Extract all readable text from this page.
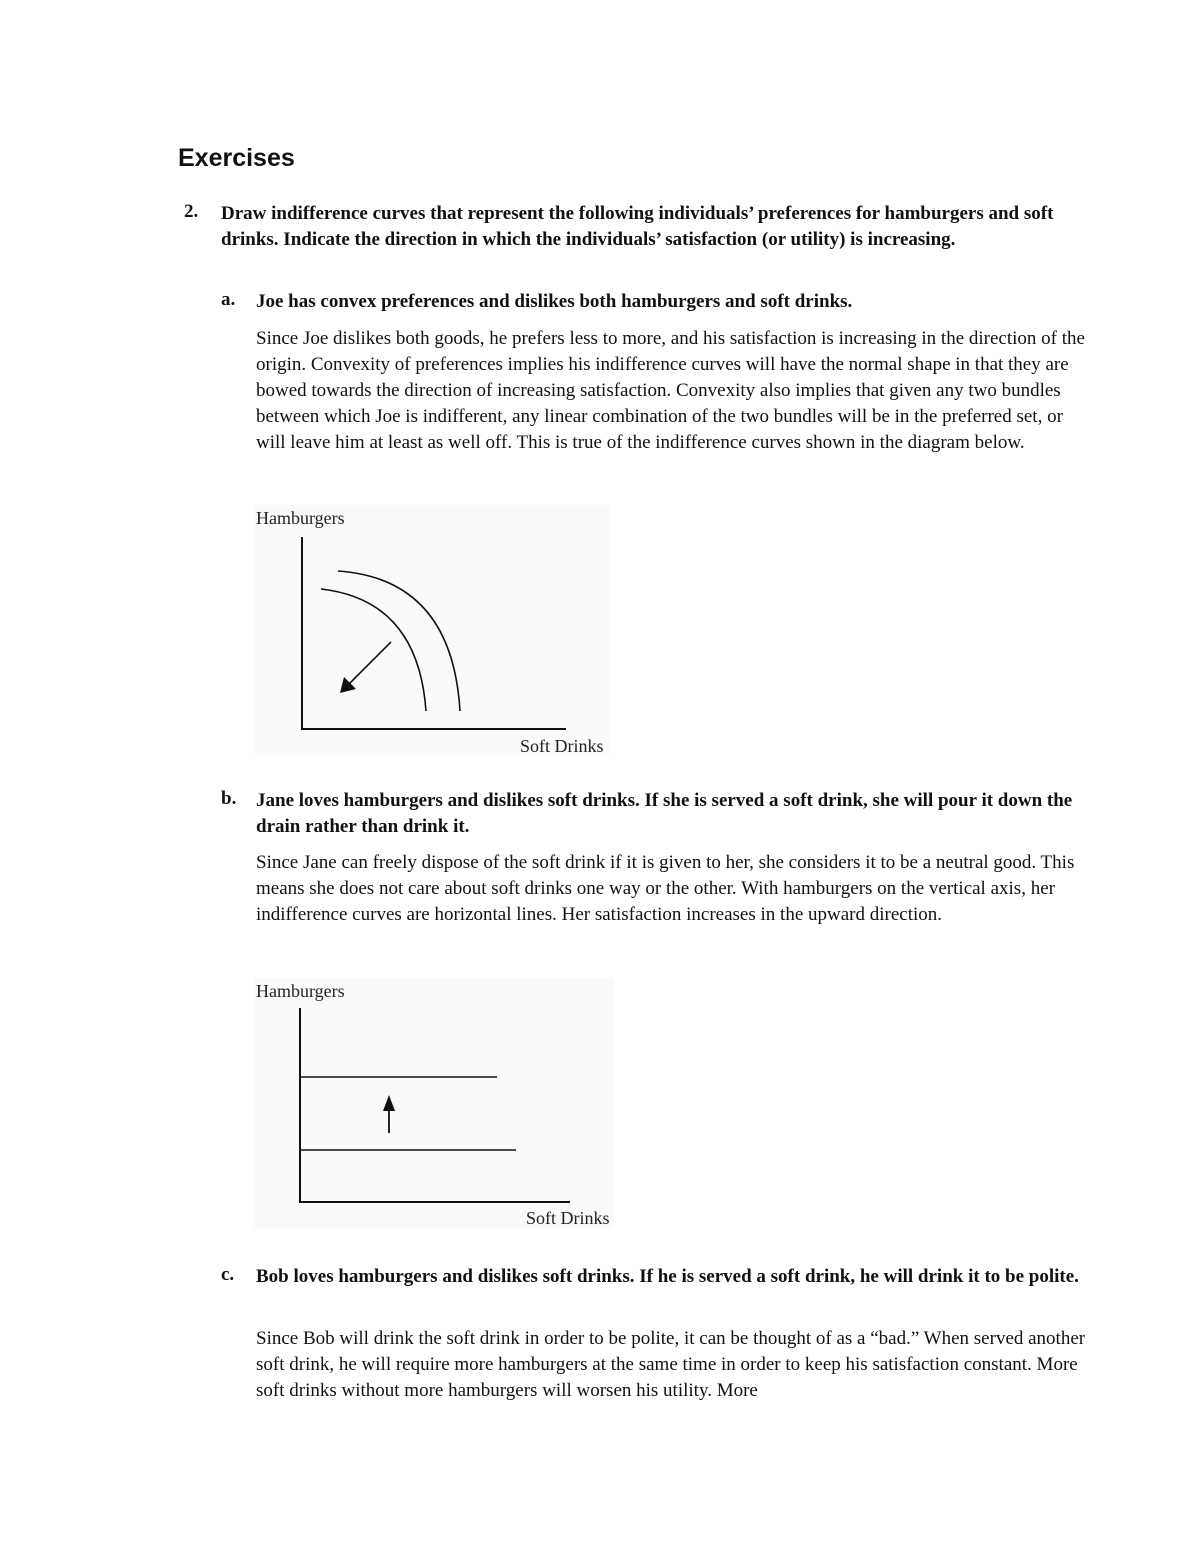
Exercises
2. Draw indifference curves that represent the following individuals’ preferences for hamburgers and soft drinks. Indicate the direction in which the individuals’ satisfaction (or utility) is increasing.

a. Joe has convex preferences and dislikes both hamburgers and soft drinks.

Since Joe dislikes both goods, he prefers less to more, and his satisfaction is increasing in the direction of the origin. Convexity of preferences implies his indifference curves will have the normal shape in that they are bowed towards the direction of increasing satisfaction. Convexity also implies that given any two bundles between which Joe is indifferent, any linear combination of the two bundles will be in the preferred set, or will leave him at least as well off. This is true of the indifference curves shown in the diagram below.

Hamburgers
Soft Drinks
b. Jane loves hamburgers and dislikes soft drinks. If she is served a soft drink, she will pour it down the drain rather than drink it.

Since Jane can freely dispose of the soft drink if it is given to her, she considers it to be a neutral good. This means she does not care about soft drinks one way or the other. With hamburgers on the vertical axis, her indifference curves are horizontal lines. Her satisfaction increases in the upward direction.

Hamburgers
Soft Drinks
c. Bob loves hamburgers and dislikes soft drinks. If he is served a soft drink, he will drink it to be polite.

Since Bob will drink the soft drink in order to be polite, it can be thought of as a “bad.” When served another soft drink, he will require more hamburgers at the same time in order to keep his satisfaction constant. More soft drinks without more hamburgers will worsen his utility. More
